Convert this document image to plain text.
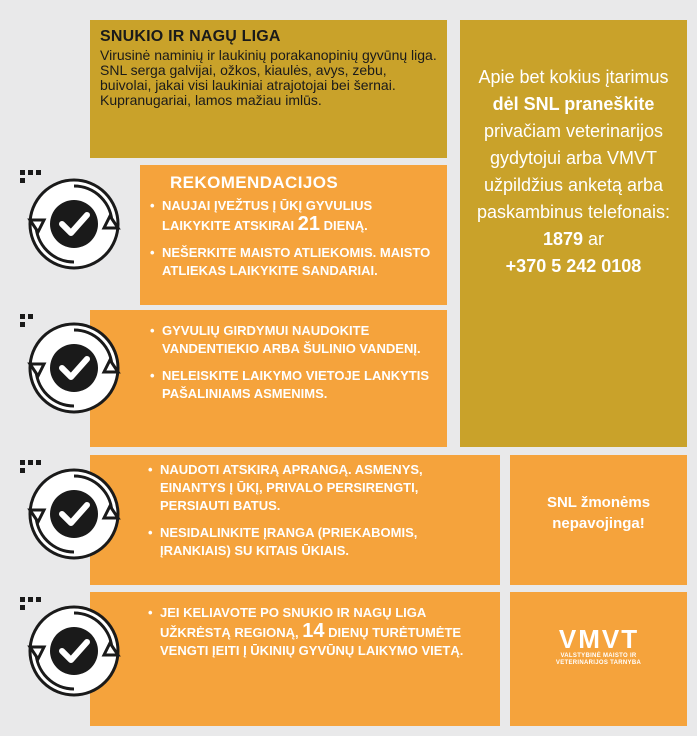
SNUKIO IR NAGŲ LIGA

Virusinė naminių ir laukinių porakanopinių gyvūnų liga. SNL serga galvijai, ožkos, kiaulės, avys, zebu, buivolai, jakai visi laukiniai atrajotojai bei šernai. Kupranugariai, lamos mažiau imlūs.

Apie bet kokius įtarimus dėl SNL praneškite privačiam veterinarijos gydytojui arba VMVT užpildžius anketą arba paskambinus telefonais:
1879 ar
+370 5 242 0108
REKOMENDACIJOS
• NAUJAI ĮVEŽTUS Į ŪKĮ GYVULIUS LAIKYKITE ATSKIRAI 21 DIENĄ.
• NEŠERKITE MAISTO ATLIEKOMIS. MAISTO ATLIEKAS LAIKYKITE SANDARIAI.
• GYVULIŲ GIRDYMUI NAUDOKITE VANDENTIEKIO ARBA ŠULINIO VANDENĮ.
• NELEISKITE LAIKYMO VIETOJE LANKYTIS PAŠALINIAMS ASMENIMS.
• NAUDOTI ATSKIRĄ APRANGĄ. ASMENYS, EINANTYS Į ŪKĮ, PRIVALO PERSIRENGTI, PERSIAUTI BATUS.
• NESIDALINKITE ĮRANGA (PRIEKABOMIS, ĮRANKIAIS) SU KITAIS ŪKIAIS.
SNL žmonėms nepavojinga!
• JEI KELIAVOTE PO SNUKIO IR NAGŲ LIGA UŽKRĖSTĄ REGIONĄ, 14 DIENŲ TURĖTUMĖTE VENGTI ĮEITI Į ŪKINIŲ GYVŪNŲ LAIKYMO VIETĄ.	VMVT
VALSTYBINĖ MAISTO IR
VETERINARIJOS TARNYBA
